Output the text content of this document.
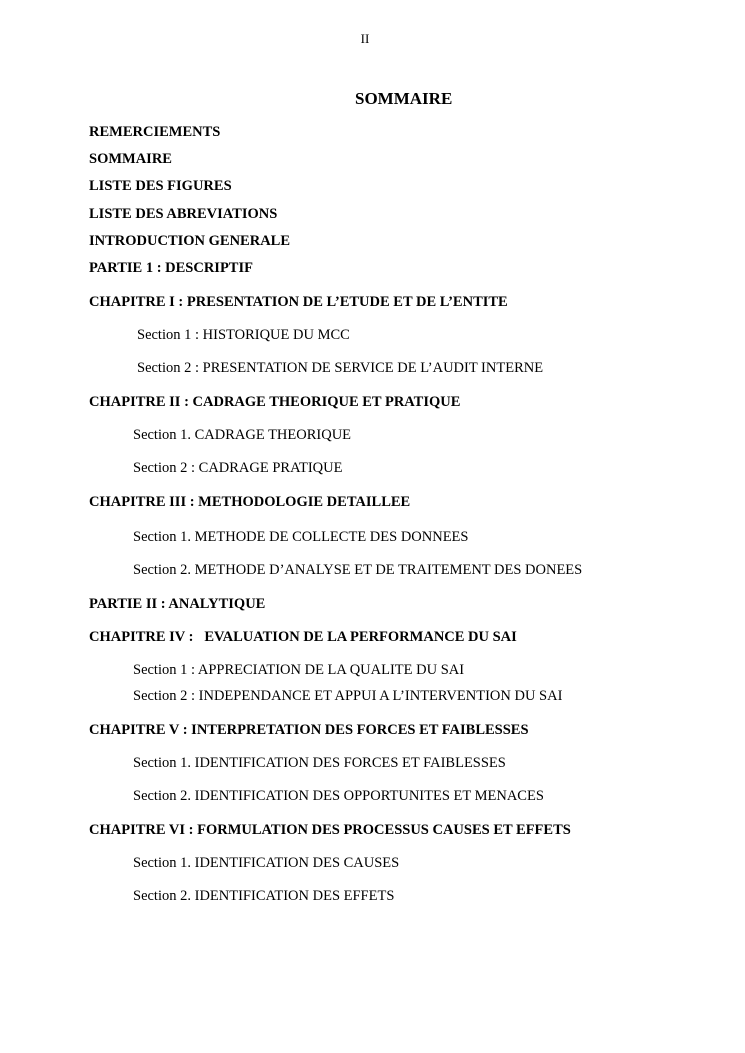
II
SOMMAIRE
REMERCIEMENTS
SOMMAIRE
LISTE DES FIGURES
LISTE DES ABREVIATIONS
INTRODUCTION GENERALE
PARTIE 1 : DESCRIPTIF
CHAPITRE I : PRESENTATION DE L’ETUDE ET DE L’ENTITE
Section 1 : HISTORIQUE DU MCC
Section 2 : PRESENTATION DE SERVICE DE L’AUDIT INTERNE
CHAPITRE II : CADRAGE THEORIQUE ET PRATIQUE
Section 1. CADRAGE THEORIQUE
Section 2 : CADRAGE PRATIQUE
CHAPITRE III : METHODOLOGIE DETAILLEE
Section 1. METHODE DE COLLECTE DES DONNEES
Section 2. METHODE D’ANALYSE ET DE TRAITEMENT DES DONEES
PARTIE II : ANALYTIQUE
CHAPITRE IV :   EVALUATION DE LA PERFORMANCE DU SAI
Section 1 : APPRECIATION DE LA QUALITE DU SAI
Section 2 : INDEPENDANCE ET APPUI A L’INTERVENTION DU SAI
CHAPITRE V : INTERPRETATION DES FORCES ET FAIBLESSES
Section 1. IDENTIFICATION DES FORCES ET FAIBLESSES
Section 2. IDENTIFICATION DES OPPORTUNITES ET MENACES
CHAPITRE VI : FORMULATION DES PROCESSUS CAUSES ET EFFETS
Section 1. IDENTIFICATION DES CAUSES
Section 2. IDENTIFICATION DES EFFETS
